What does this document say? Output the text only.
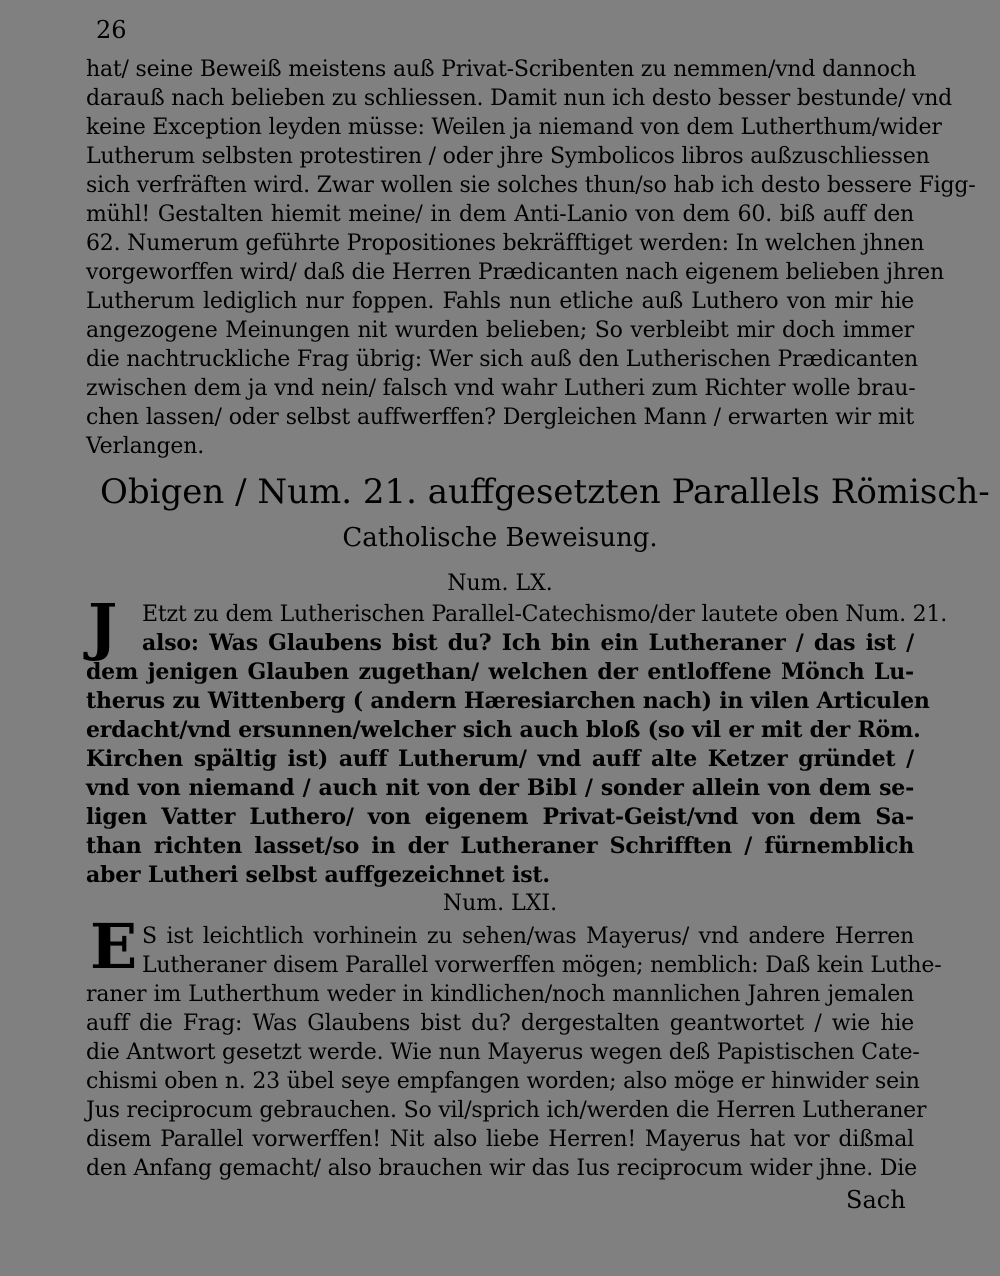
26
hat/ seine Beweiß meistens auß Privat-Scribenten zu nemmen/vnd dannoch
darauß nach belieben zu schliessen. Damit nun ich desto besser bestunde/ vnd
keine Exception leyden müsse: Weilen ja niemand von dem Lutherthum/wider
Lutherum selbsten protestiren / oder jhre Symbolicos libros außzuschliessen
sich verfräften wird. Zwar wollen sie solches thun/so hab ich desto bessere Figg-
mühl! Gestalten hiemit meine/ in dem Anti-Lanio von dem 60. biß auff den
62. Numerum geführte Propositiones bekräfftiget werden: In welchen jhnen
vorgeworffen wird/ daß die Herren Prædicanten nach eigenem belieben jhren
Lutherum lediglich nur foppen. Fahls nun etliche auß Luthero von mir hie
angezogene Meinungen nit wurden belieben; So verbleibt mir doch immer
die nachtruckliche Frag übrig: Wer sich auß den Lutherischen Prædicanten
zwischen dem ja vnd nein/ falsch vnd wahr Lutheri zum Richter wolle brau-
chen lassen/ oder selbst auffwerffen? Dergleichen Mann / erwarten wir mit
Verlangen.
Obigen / Num. 21. auffgesetzten Parallels Römisch-
Catholische Beweisung.
Num. LX.
J Etzt zu dem Lutherischen Parallel-Catechismo/der lautete oben Num. 21.
also: Was Glaubens bist du? Ich bin ein Lutheraner / das ist /
dem jenigen Glauben zugethan/ welchen der entloffene Mönch Lu-
therus zu Wittenberg ( andern Hæresiarchen nach) in vilen Articulen
erdacht/vnd ersunnen/welcher sich auch bloß (so vil er mit der Röm.
Kirchen spältig ist) auff Lutherum/ vnd auff alte Ketzer gründet /
vnd von niemand / auch nit von der Bibl / sonder allein von dem se-
ligen Vatter Luthero/ von eigenem Privat-Geist/vnd von dem Sa-
than richten lasset/so in der Lutheraner Schrifften / fürnemblich
aber Lutheri selbst auffgezeichnet ist.
Num. LXI.
E S ist leichtlich vorhinein zu sehen/was Mayerus/ vnd andere Herren
Lutheraner disem Parallel vorwerffen mögen; nemblich: Daß kein Luthe-
raner im Lutherthum weder in kindlichen/noch mannlichen Jahren jemalen
auff die Frag: Was Glaubens bist du? dergestalten geantwortet / wie hie
die Antwort gesetzt werde. Wie nun Mayerus wegen deß Papistischen Cate-
chismi oben n. 23 übel seye empfangen worden; also möge er hinwider sein
Jus reciprocum gebrauchen. So vil/sprich ich/werden die Herren Lutheraner
disem Parallel vorwerffen! Nit also liebe Herren! Mayerus hat vor dißmal
den Anfang gemacht/ also brauchen wir das Ius reciprocum wider jhne. Die
Sach
